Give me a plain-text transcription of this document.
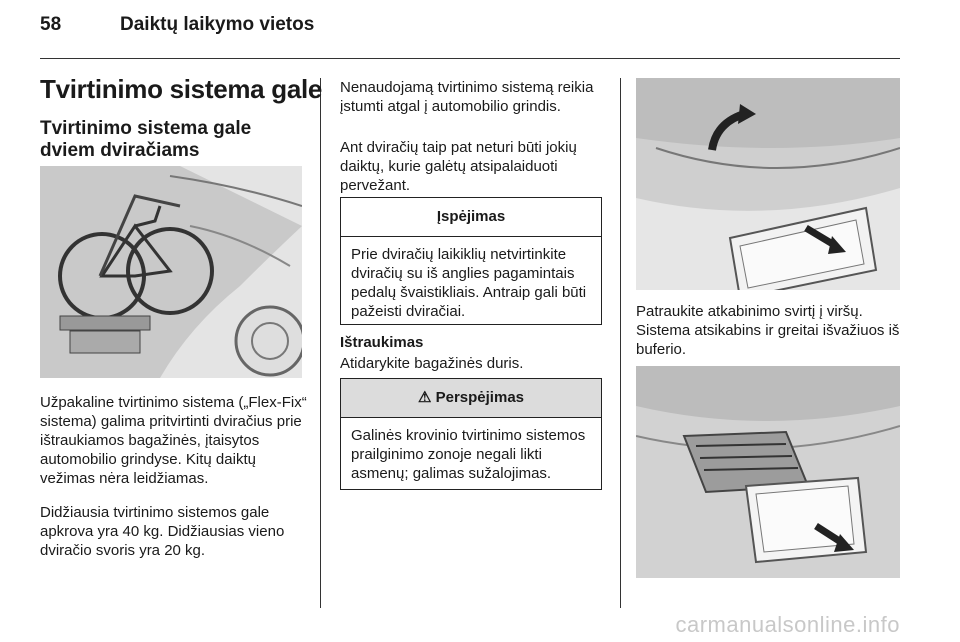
58	Daiktų laikymo vietos
Tvirtinimo sistema gale
Tvirtinimo sistema gale dviem dviračiams
Užpakaline tvirtinimo sistema („Flex-Fix“ sistema) galima pritvirtinti dviračius prie ištraukiamos bagažinės, įtaisytos automobilio grindyse. Kitų daiktų vežimas nėra leidžiamas.
Didžiausia tvirtinimo sistemos gale apkrova yra 40 kg. Didžiausias vieno dviračio svoris yra 20 kg.
Nenaudojamą tvirtinimo sistemą reikia įstumti atgal į automobilio grindis.
Ant dviračių taip pat neturi būti jokių daiktų, kurie galėtų atsipalaiduoti pervežant.
Įspėjimas
Prie dviračių laikiklių netvirtinkite dviračių su iš anglies pagamintais pedalų švaistikliais. Antraip gali būti pažeisti dviračiai.
Ištraukimas
Atidarykite bagažinės duris.
⚠ Perspėjimas
Galinės krovinio tvirtinimo sistemos prailginimo zonoje negali likti asmenų; galimas sužalojimas.
Patraukite atkabinimo svirtį į viršų. Sistema atsikabins ir greitai išvažiuos iš buferio.
carmanualsonline.info
